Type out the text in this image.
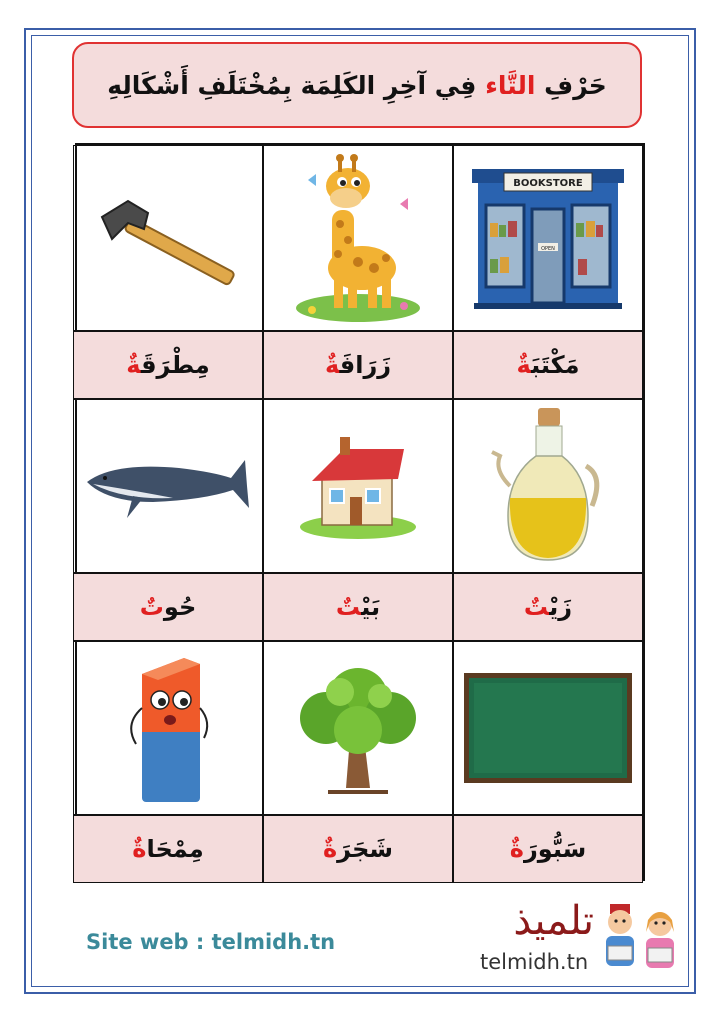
حَرْفِ التَّاء فِي آخِرِ الكَلِمَة بِمُخْتَلَفِ أَشْكَالِهِ
BOOKSTORE
OPEN
مَكْتَبَةٌ
زَرَافَةٌ
مِطْرَقَةٌ
زَيْتٌ
بَيْتٌ
حُوتٌ
سَبُّورَةٌ
شَجَرَةٌ
مِمْحَاةٌ
Site web : telmidh.tn	تلميذ
telmidh.tn
